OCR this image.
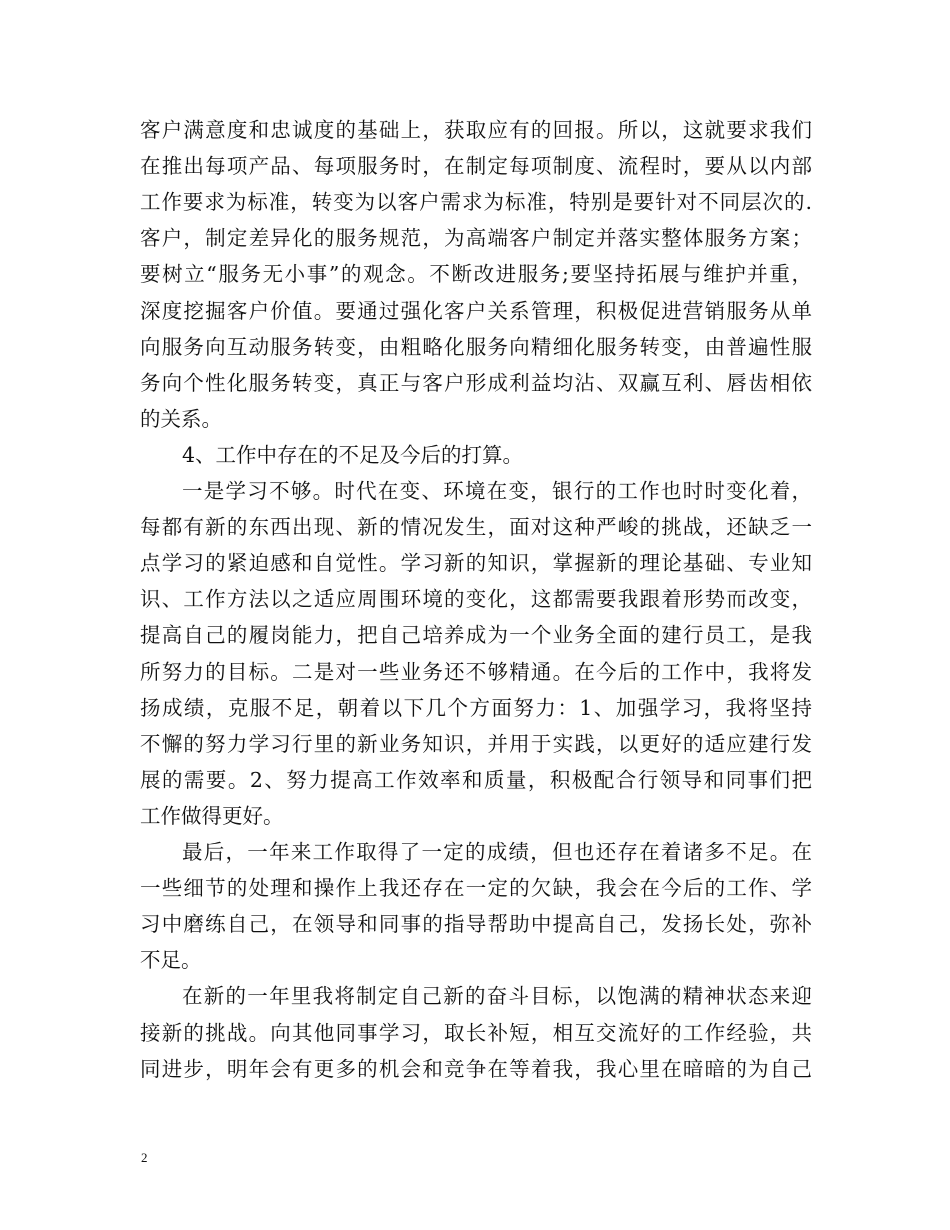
客户满意度和忠诚度的基础上，获取应有的回报。所以，这就要求我们
在推出每项产品、每项服务时，在制定每项制度、流程时，要从以内部
工作要求为标准，转变为以客户需求为标准，特别是要针对不同层次的.
客户，制定差异化的服务规范，为高端客户制定并落实整体服务方案；
要树立“服务无小事”的观念。不断改进服务;要坚持拓展与维护并重，
深度挖掘客户价值。要通过强化客户关系管理，积极促进营销服务从单
向服务向互动服务转变，由粗略化服务向精细化服务转变，由普遍性服
务向个性化服务转变，真正与客户形成利益均沾、双赢互利、唇齿相依
的关系。
4、工作中存在的不足及今后的打算。
一是学习不够。时代在变、环境在变，银行的工作也时时变化着，
每都有新的东西出现、新的情况发生，面对这种严峻的挑战，还缺乏一
点学习的紧迫感和自觉性。学习新的知识，掌握新的理论基础、专业知
识、工作方法以之适应周围环境的变化，这都需要我跟着形势而改变，
提高自己的履岗能力，把自己培养成为一个业务全面的建行员工，是我
所努力的目标。二是对一些业务还不够精通。在今后的工作中，我将发
扬成绩，克服不足，朝着以下几个方面努力：1、加强学习，我将坚持
不懈的努力学习行里的新业务知识，并用于实践，以更好的适应建行发
展的需要。2、努力提高工作效率和质量，积极配合行领导和同事们把
工作做得更好。
最后，一年来工作取得了一定的成绩，但也还存在着诸多不足。在
一些细节的处理和操作上我还存在一定的欠缺，我会在今后的工作、学
习中磨练自己，在领导和同事的指导帮助中提高自己，发扬长处，弥补
不足。
在新的一年里我将制定自己新的奋斗目标，以饱满的精神状态来迎
接新的挑战。向其他同事学习，取长补短，相互交流好的工作经验，共
同进步，明年会有更多的机会和竞争在等着我，我心里在暗暗的为自己
2
